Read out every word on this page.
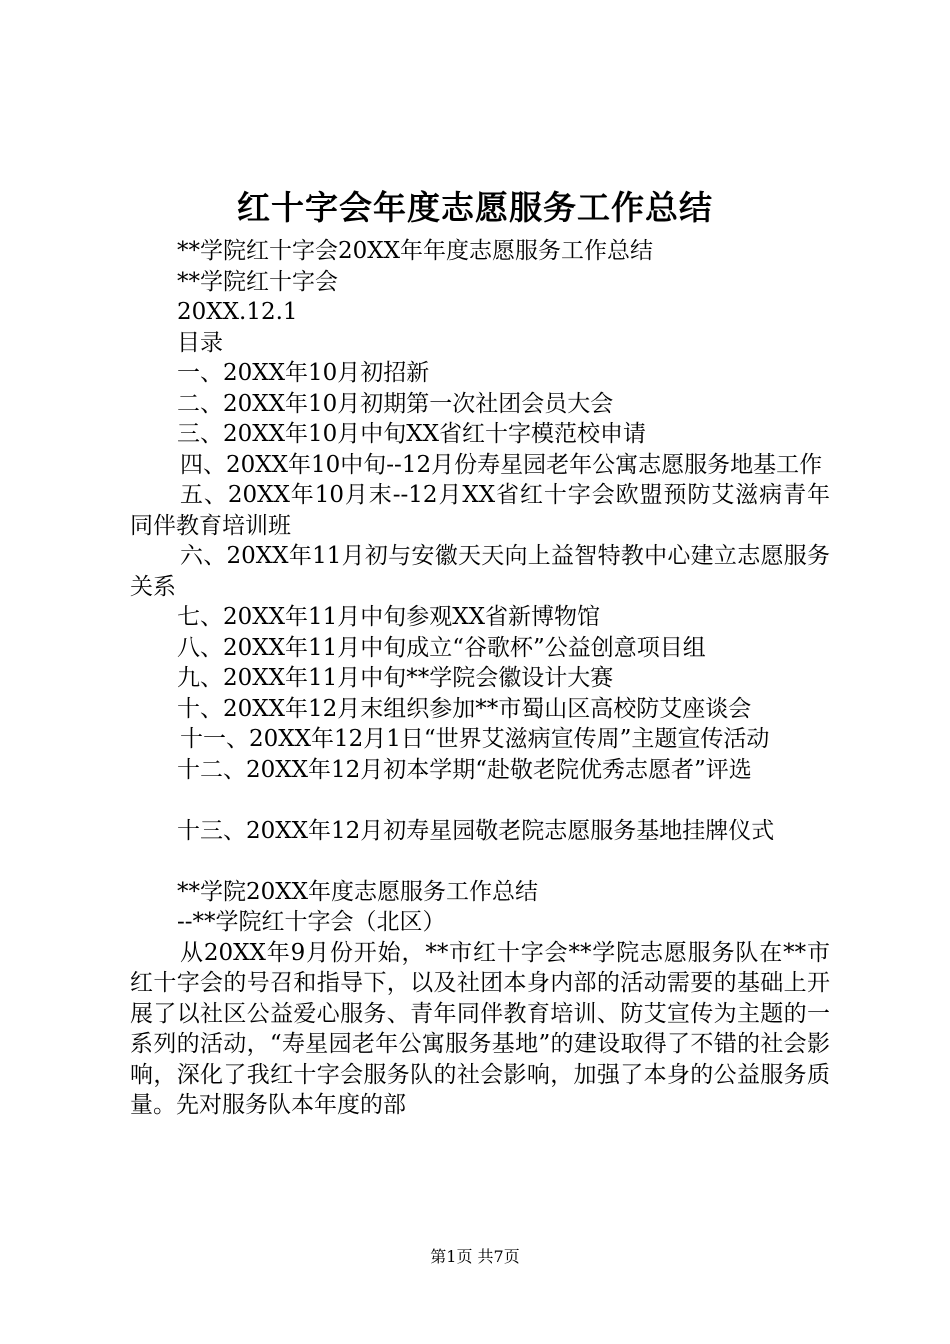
红十字会年度志愿服务工作总结
**学院红十字会20XX年年度志愿服务工作总结
**学院红十字会
20XX.12.1
目录
一、20XX年10月初招新
二、20XX年10月初期第一次社团会员大会
三、20XX年10月中旬XX省红十字模范校申请
四、20XX年10中旬--12月份寿星园老年公寓志愿服务地基工作
五、20XX年10月末--12月XX省红十字会欧盟预防艾滋病青年同伴教育培训班
六、20XX年11月初与安徽天天向上益智特教中心建立志愿服务关系
七、20XX年11月中旬参观XX省新博物馆
八、20XX年11月中旬成立“谷歌杯”公益创意项目组
九、20XX年11月中旬**学院会徽设计大赛
十、20XX年12月末组织参加**市蜀山区高校防艾座谈会
十一、20XX年12月1日“世界艾滋病宣传周”主题宣传活动
十二、20XX年12月初本学期“赴敬老院优秀志愿者”评选
十三、20XX年12月初寿星园敬老院志愿服务基地挂牌仪式
**学院20XX年度志愿服务工作总结
--**学院红十字会（北区）
从20XX年9月份开始，**市红十字会**学院志愿服务队在**市红十字会的号召和指导下，以及社团本身内部的活动需要的基础上开展了以社区公益爱心服务、青年同伴教育培训、防艾宣传为主题的一系列的活动，“寿星园老年公寓服务基地”的建设取得了不错的社会影响，深化了我红十字会服务队的社会影响，加强了本身的公益服务质量。先对服务队本年度的部
第1页 共7页
